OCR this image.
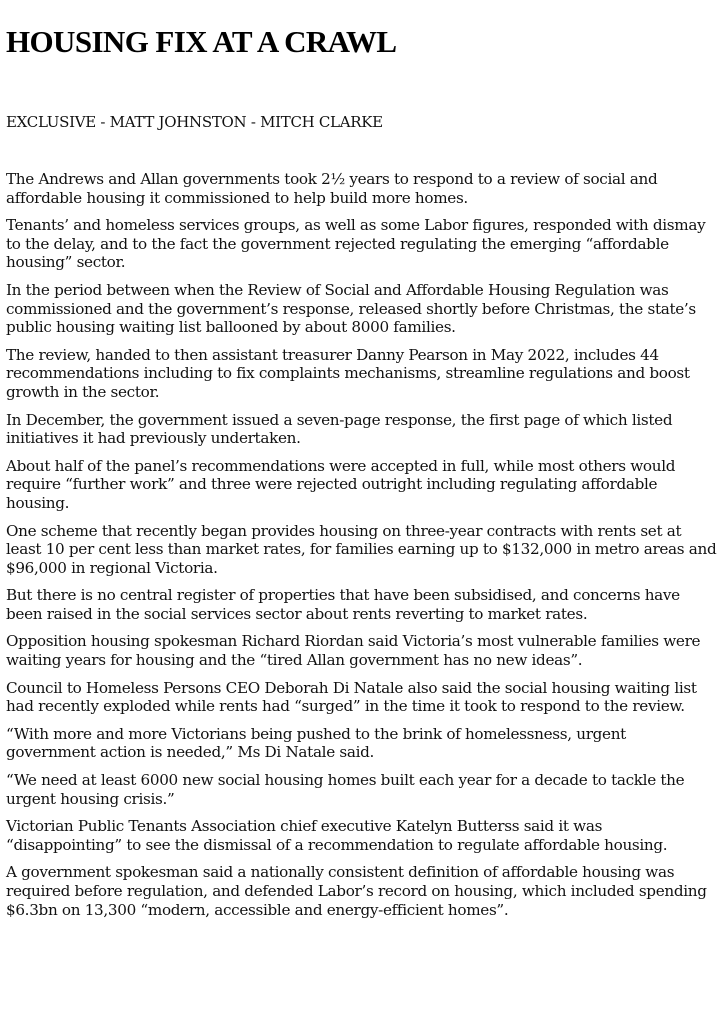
HOUSING FIX AT A CRAWL

EXCLUSIVE - MATT JOHNSTON - MITCH CLARKE

The Andrews and Allan governments took 2½ years to respond to a review of social and affordable housing it commissioned to help build more homes.

Tenants’ and homeless services groups, as well as some Labor figures, responded with dismay to the delay, and to the fact the government rejected regulating the emerging “affordable housing” sector.

In the period between when the Review of Social and Affordable Housing Regulation was commissioned and the government’s response, released shortly before Christmas, the state’s public housing waiting list ballooned by about 8000 families.

The review, handed to then assistant treasurer Danny Pearson in May 2022, includes 44 recommendations including to fix complaints mechanisms, streamline regulations and boost growth in the sector.

In December, the government issued a seven-page response, the first page of which listed initiatives it had previously undertaken.

About half of the panel’s recommendations were accepted in full, while most others would require “further work” and three were rejected outright including regulating affordable housing.

One scheme that recently began provides housing on three-year contracts with rents set at least 10 per cent less than market rates, for families earning up to $132,000 in metro areas and $96,000 in regional Victoria.

But there is no central register of properties that have been subsidised, and concerns have been raised in the social services sector about rents reverting to market rates.

Opposition housing spokesman Richard Riordan said Victoria’s most vulnerable families were waiting years for housing and the “tired Allan government has no new ideas”.

Council to Homeless Persons CEO Deborah Di Natale also said the social housing waiting list had recently exploded while rents had “surged” in the time it took to respond to the review.

“With more and more Victorians being pushed to the brink of homelessness, urgent government action is needed,” Ms Di Natale said.

“We need at least 6000 new social housing homes built each year for a decade to tackle the urgent housing crisis.”

Victorian Public Tenants Association chief executive Katelyn Butterss said it was “disappointing” to see the dismissal of a recommendation to regulate affordable housing.

A government spokesman said a nationally consistent definition of affordable housing was required before regulation, and defended Labor’s record on housing, which included spending $6.3bn on 13,300 “modern, accessible and energy-efficient homes”.
